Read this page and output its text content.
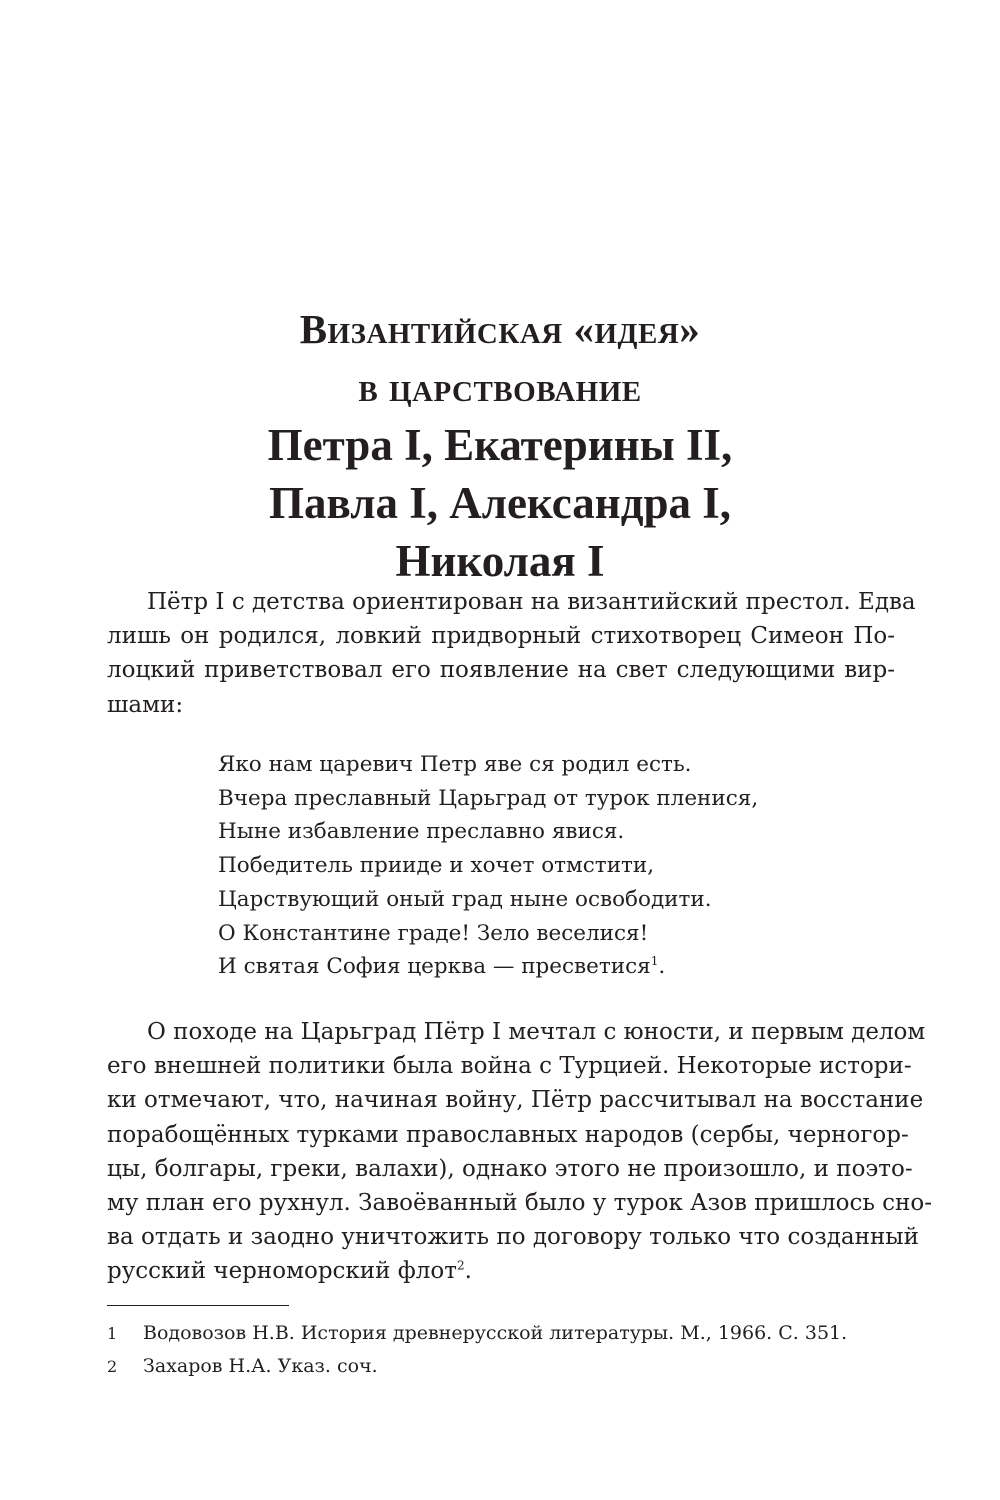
Византийская «идея»
в царствование
Петра I, Екатерины II,
Павла I, Александра I,
Николая I
Пётр I с детства ориентирован на византийский престол. Едва
лишь он родился, ловкий придворный стихотворец Симеон По-
лоцкий приветствовал его появление на свет следующими вир-
шами:
Яко нам царевич Петр яве ся родил есть.
Вчера преславный Царьград от турок пленися,
Ныне избавление преславно явися.
Победитель прииде и хочет отмстити,
Царствующий оный град ныне освободити.
О Константине граде! Зело веселися!
И святая София церква — пресветися$^1$.
О походе на Царьград Пётр I мечтал с юности, и первым делом
его внешней политики была война с Турцией. Некоторые истори-
ки отмечают, что, начиная войну, Пётр рассчитывал на восстание
порабощённых турками православных народов (сербы, черногор-
цы, болгары, греки, валахи), однако этого не произошло, и поэто-
му план его рухнул. Завоёванный было у турок Азов пришлось сно-
ва отдать и заодно уничтожить по договору только что созданный
русский черноморский флот$^2$.
1 Водовозов Н.В. История древнерусской литературы. М., 1966. С. 351.
2 Захаров Н.А. Указ. соч.
